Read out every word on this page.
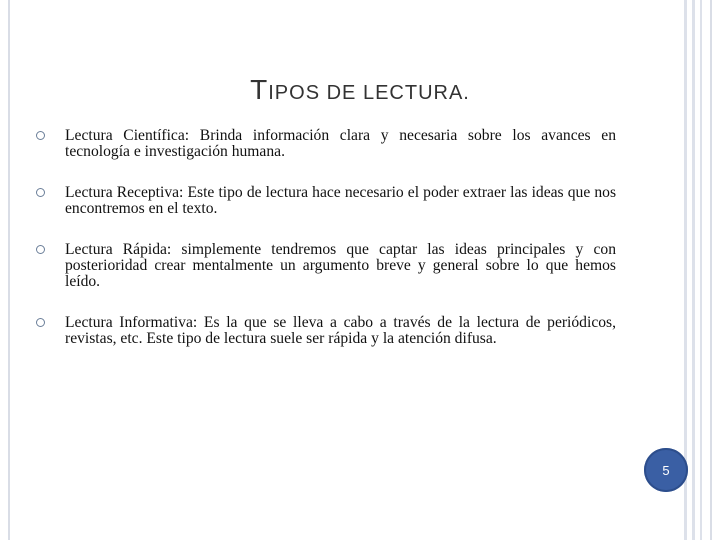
TIPOS DE LECTURA.
Lectura Científica: Brinda información clara y necesaria sobre los avances en tecnología e investigación humana.
Lectura Receptiva: Este tipo de lectura hace necesario el poder extraer las ideas que nos encontremos en el texto.
Lectura Rápida: simplemente tendremos que captar las ideas principales y con posterioridad crear mentalmente un argumento breve y general sobre lo que hemos leído.
Lectura Informativa: Es la que se lleva a cabo a través de la lectura de periódicos, revistas, etc. Este tipo de lectura suele ser rápida y la atención difusa.
5
